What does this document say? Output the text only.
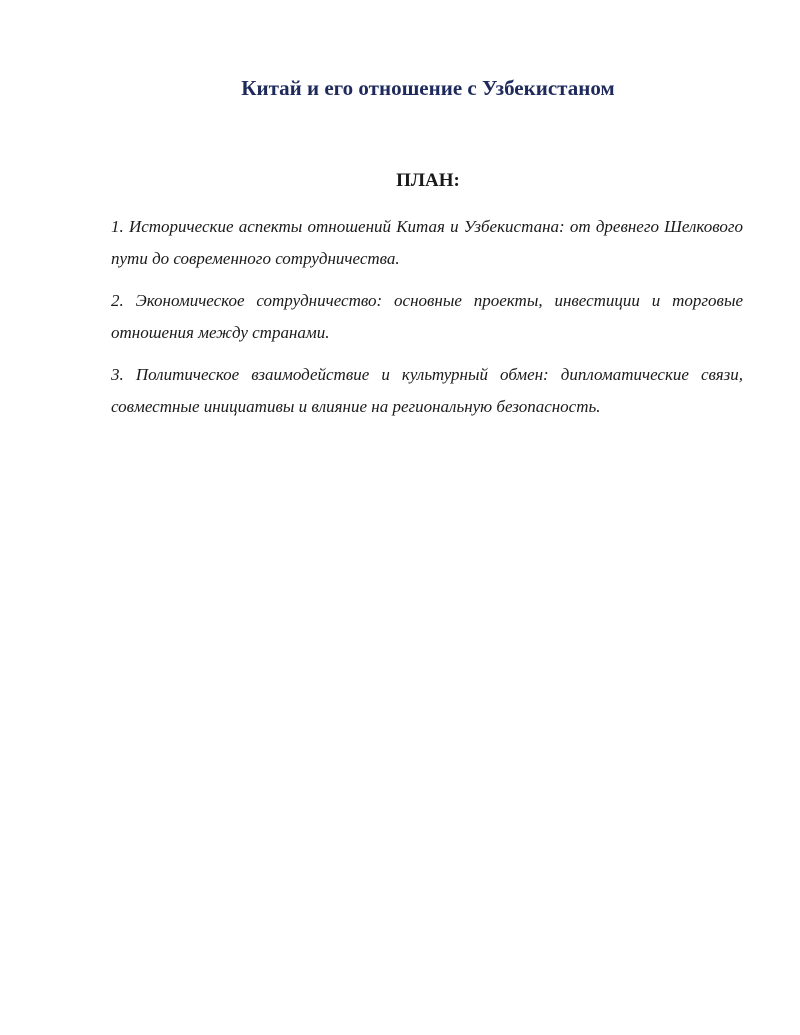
Китай и его отношение с Узбекистаном
ПЛАН:
1. Исторические аспекты отношений Китая и Узбекистана: от древнего Шелкового пути до современного сотрудничества.
2. Экономическое сотрудничество: основные проекты, инвестиции и торговые отношения между странами.
3. Политическое взаимодействие и культурный обмен: дипломатические связи, совместные инициативы и влияние на региональную безопасность.
